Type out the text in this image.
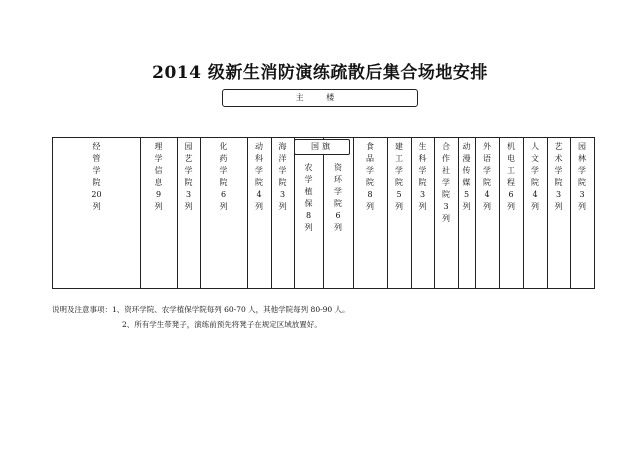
2014 级新生消防演练疏散后集合场地安排
主 楼
经
管
学
院
20
列
理
学
信
息
9
列
园
艺
学
院
3
列
化
药
学
院
6
列
动
科
学
院
4
列
海
洋
学
院
3
列
食
品
学
院
8
列
建
工
学
院
5
列
生
科
学
院
3
列
合
作
社
学
院
3
列
动
漫
传
媒
5
列
外
语
学
院
4
列
机
电
工
程
6
列
人
文
学
院
4
列
艺
术
学
院
3
列
园
林
学
院
3
列
国旗
农
学
植
保
8
列
资
环
学
院
6
列
说明及注意事项：1、资环学院、农学植保学院每列 60-70 人，其他学院每列 80-90 人。
2、所有学生带凳子，演练前预先将凳子在规定区域放置好。
